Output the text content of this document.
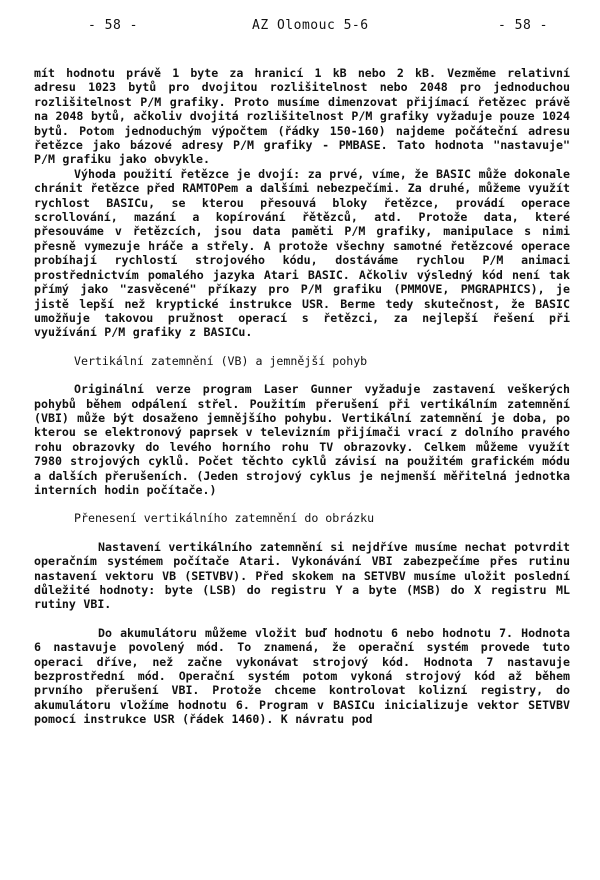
- 58 -	AZ Olomouc 5-6	- 58 -

mít hodnotu právě 1 byte za hranicí 1 kB nebo 2 kB. Vezměme relativní adresu 1023 bytů pro dvojitou rozlišitelnost nebo 2048 pro jednoduchou rozlišitelnost P/M grafiky. Proto musíme dimenzovat přijímací řetězec právě na 2048 bytů, ačkoliv dvojitá rozlišitelnost P/M grafiky vyžaduje pouze 1024 bytů. Potom jednoduchým výpočtem (řádky 150-160) najdeme počáteční adresu řetězce jako bázové adresy P/M grafiky - PMBASE. Tato hodnota "nastavuje" P/M grafiku jako obvykle.

Výhoda použití řetězce je dvojí: za prvé, víme, že BASIC může dokonale chránit řetězce před RAMTOPem a dalšími nebezpečími. Za druhé, můžeme využít rychlost BASICu, se kterou přesouvá bloky řetězce, provádí operace scrollování, mazání a kopírování řětězců, atd. Protože data, které přesouváme v řetězcích, jsou data paměti P/M grafiky, manipulace s nimi přesně vymezuje hráče a střely. A protože všechny samotné řetězcové operace probíhají rychlostí strojového kódu, dostáváme rychlou P/M animaci prostřednictvím pomalého jazyka Atari BASIC. Ačkoliv výsledný kód není tak přímý jako "zasvěcené" příkazy pro P/M grafiku (PMMOVE, PMGRAPHICS), je jistě lepší než kryptické instrukce USR. Berme tedy skutečnost, že BASIC umožňuje takovou pružnost operací s řetězci, za nejlepší řešení při využívání P/M grafiky z BASICu.

Vertikální zatemnění (VB) a jemnější pohyb

Originální verze program Laser Gunner vyžaduje zastavení veškerých pohybů během odpálení střel. Použitím přerušení při vertikálním zatemnění (VBI) může být dosaženo jemnějšího pohybu. Vertikální zatemnění je doba, po kterou se elektronový paprsek v televizním přijímači vrací z dolního pravého rohu obrazovky do levého horního rohu TV obrazovky. Celkem můžeme využít 7980 strojových cyklů. Počet těchto cyklů závisí na použitém grafickém módu a dalších přerušeních. (Jeden strojový cyklus je nejmenší měřitelná jednotka interních hodin počítače.)

Přenesení vertikálního zatemnění do obrázku

Nastavení vertikálního zatemnění si nejdříve musíme nechat potvrdit operačním systémem počítače Atari. Vykonávání VBI zabezpečíme přes rutinu nastavení vektoru VB (SETVBV). Před skokem na SETVBV musíme uložit poslední důležité hodnoty: byte (LSB) do registru Y a byte (MSB) do X registru ML rutiny VBI.

Do akumulátoru můžeme vložit buď hodnotu 6 nebo hodnotu 7. Hodnota 6 nastavuje povolený mód. To znamená, že operační systém provede tuto operaci dříve, než začne vykonávat strojový kód. Hodnota 7 nastavuje bezprostřední mód. Operační systém potom vykoná strojový kód až během prvního přerušení VBI. Protože chceme kontrolovat kolizní registry, do akumulátoru vložíme hodnotu 6. Program v BASICu inicializuje vektor SETVBV pomocí instrukce USR (řádek 1460). K návratu pod
